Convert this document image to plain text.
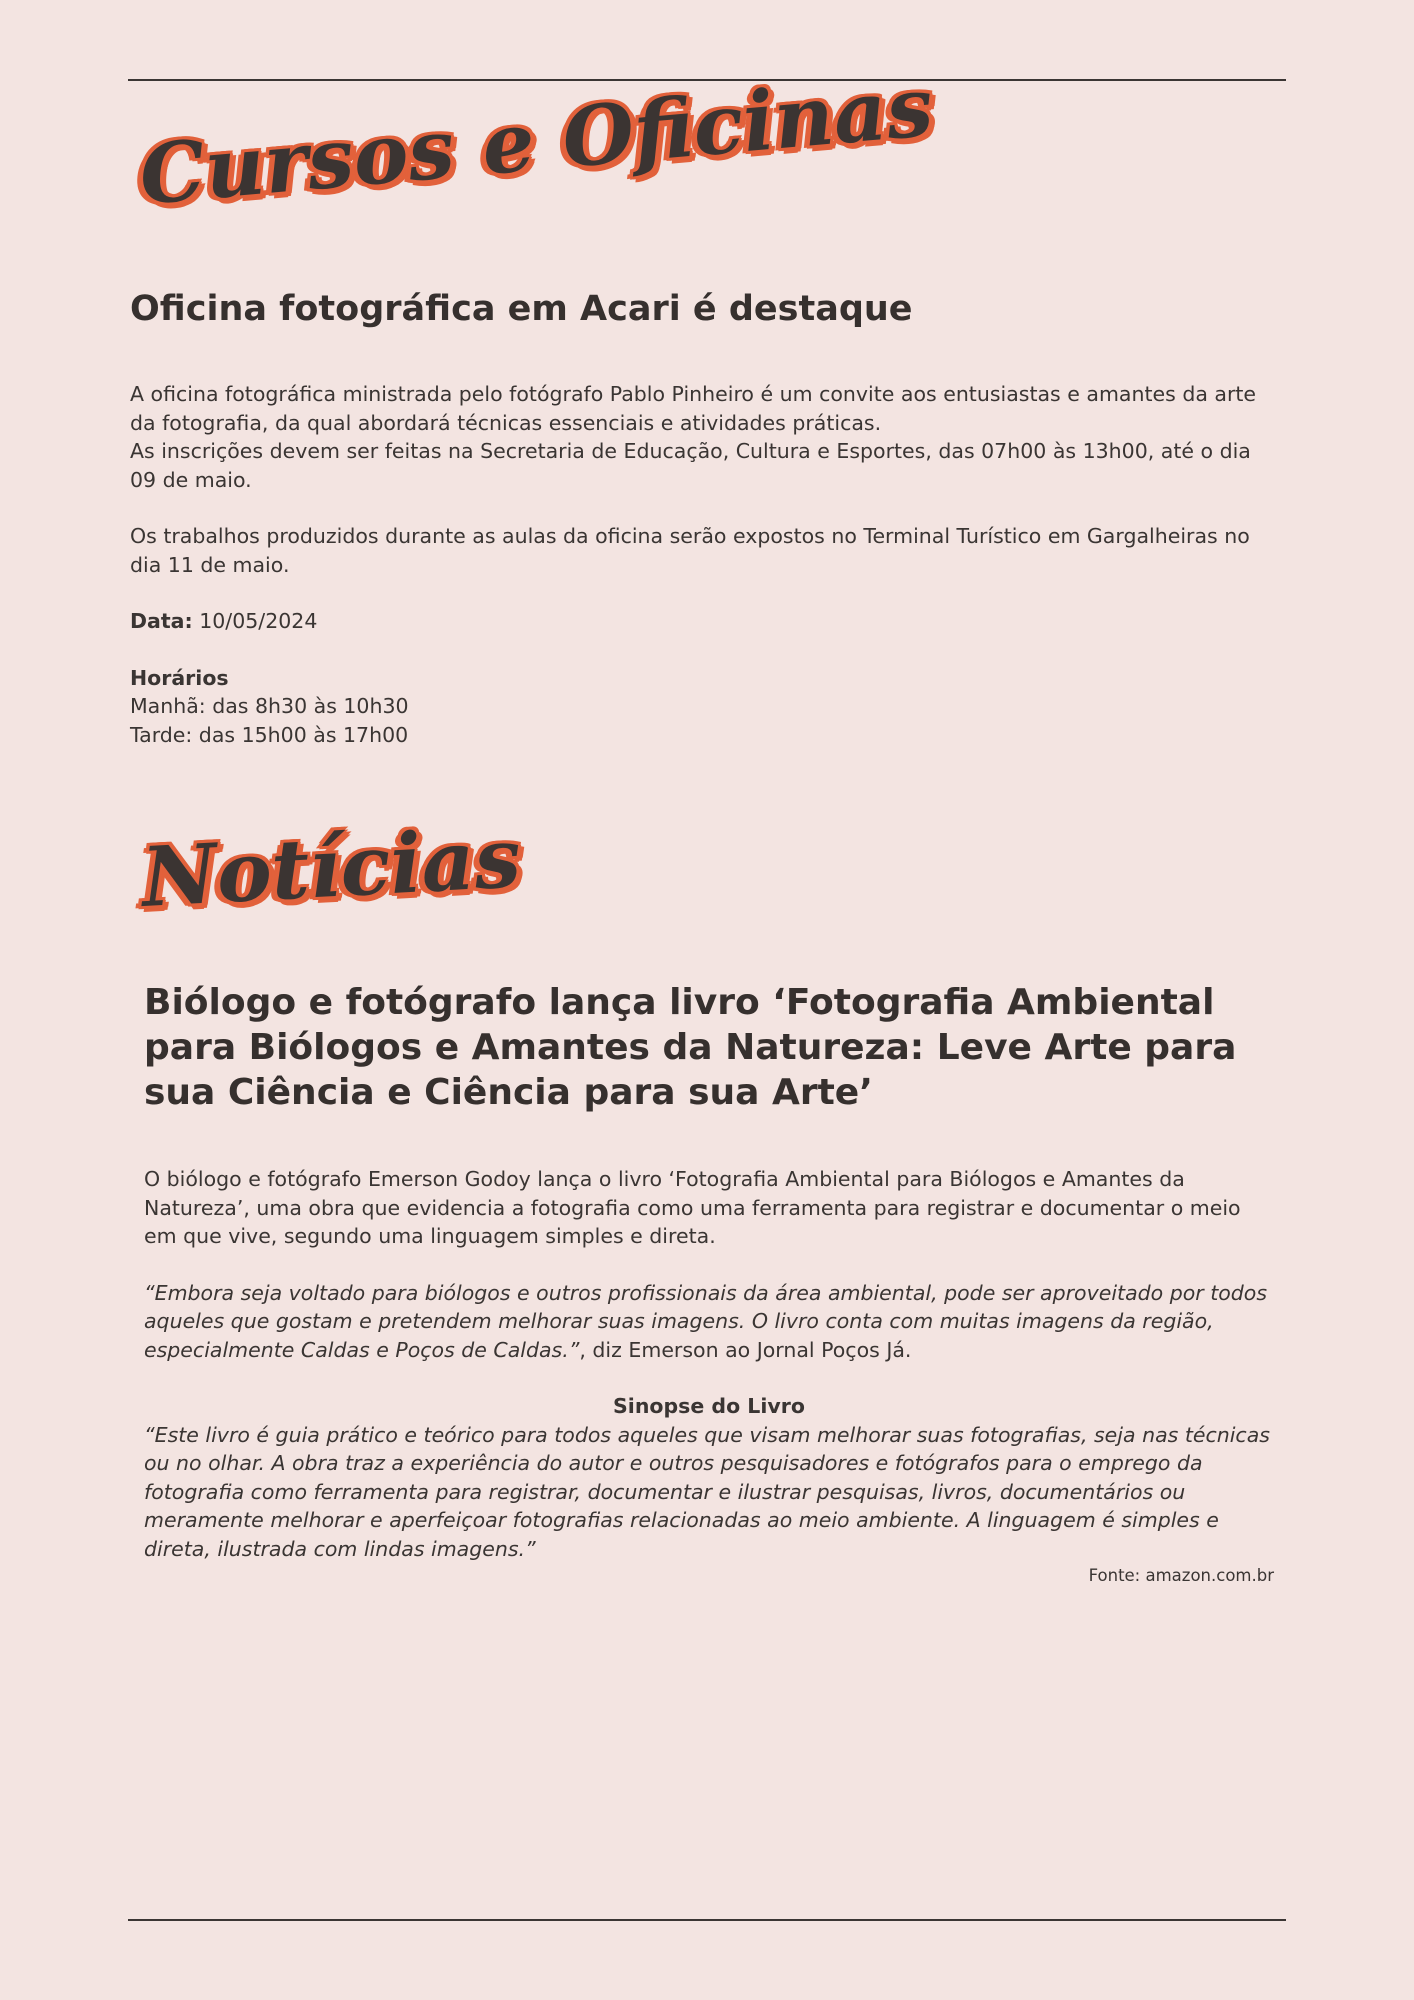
Cursos e Oficinas
Oficina fotográfica em Acari é destaque

A oficina fotográfica ministrada pelo fotógrafo Pablo Pinheiro é um convite aos entusiastas e amantes da arte da fotografia, da qual abordará técnicas essenciais e atividades práticas.

As inscrições devem ser feitas na Secretaria de Educação, Cultura e Esportes, das 07h00 às 13h00, até o dia 09 de maio.

Os trabalhos produzidos durante as aulas da oficina serão expostos no Terminal Turístico em Gargalheiras no dia 11 de maio.

Data: 10/05/2024

Horários

Manhã: das 8h30 às 10h30

Tarde: das 15h00 às 17h00

Notícias
Biólogo e fotógrafo lança livro ‘Fotografia Ambiental para Biólogos e Amantes da Natureza: Leve Arte para sua Ciência e Ciência para sua Arte’

O biólogo e fotógrafo Emerson Godoy lança o livro ‘Fotografia Ambiental para Biólogos e Amantes da Natureza’, uma obra que evidencia a fotografia como uma ferramenta para registrar e documentar o meio em que vive, segundo uma linguagem simples e direta.

“Embora seja voltado para biólogos e outros profissionais da área ambiental, pode ser aproveitado por todos aqueles que gostam e pretendem melhorar suas imagens. O livro conta com muitas imagens da região, especialmente Caldas e Poços de Caldas.”, diz Emerson ao Jornal Poços Já.

Sinopse do Livro

“Este livro é guia prático e teórico para todos aqueles que visam melhorar suas fotografias, seja nas técnicas ou no olhar. A obra traz a experiência do autor e outros pesquisadores e fotógrafos para o emprego da fotografia como ferramenta para registrar, documentar e ilustrar pesquisas, livros, documentários ou meramente melhorar e aperfeiçoar fotografias relacionadas ao meio ambiente. A linguagem é simples e direta, ilustrada com lindas imagens.”

Fonte: amazon.com.br
